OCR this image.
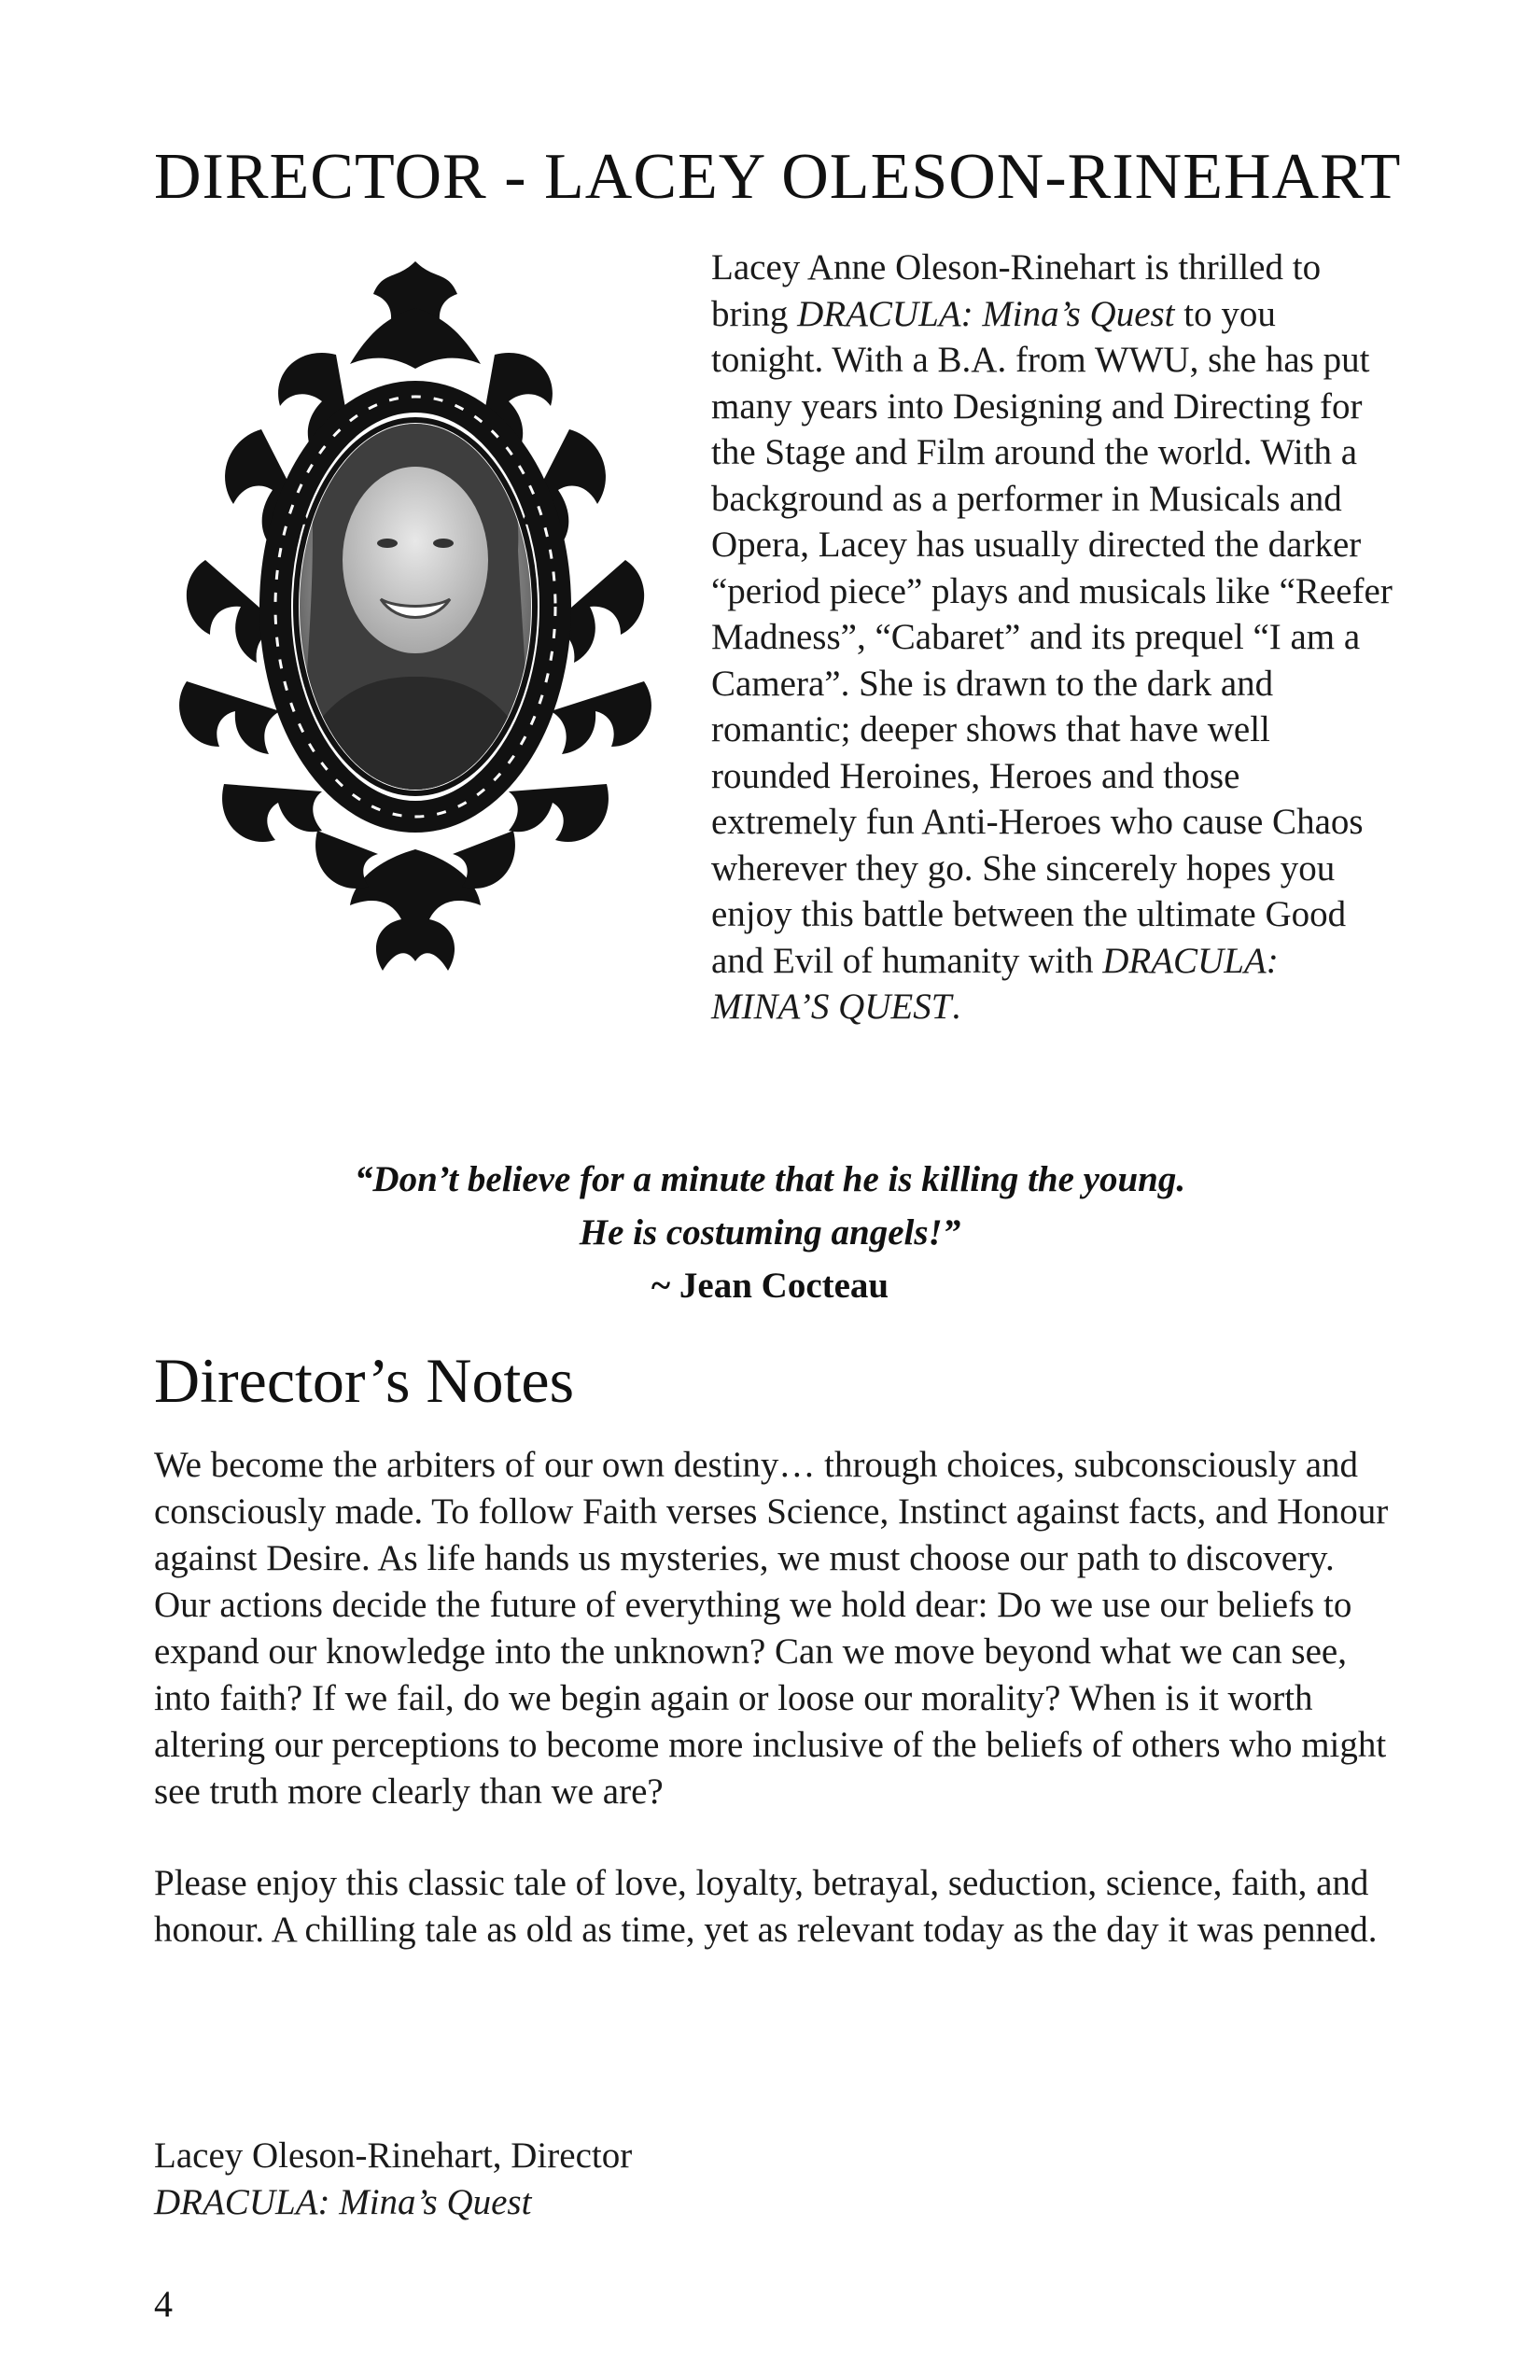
DIRECTOR - LACEY OLESON-RINEHART

Lacey Anne Oleson-Rinehart is thrilled to bring DRACULA: Mina’s Quest to you tonight. With a B.A. from WWU, she has put many years into Designing and Directing for the Stage and Film around the world. With a background as a performer in Musicals and Opera, Lacey has usually directed the darker “period piece” plays and musicals like “Reefer Madness”, “Cabaret” and its prequel “I am a Camera”. She is drawn to the dark and romantic; deeper shows that have well rounded Heroines, Heroes and those extremely fun Anti-Heroes who cause Chaos wherever they go. She sincerely hopes you enjoy this battle between the ultimate Good and Evil of humanity with DRACULA: MINA’S QUEST.

“Don’t believe for a minute that he is killing the young.
He is costuming angels!”
~ Jean Cocteau
Director’s Notes

We become the arbiters of our own destiny… through choices, subconsciously and consciously made. To follow Faith verses Science, Instinct against facts, and Honour against Desire. As life hands us mysteries, we must choose our path to discovery. Our actions decide the future of everything we hold dear: Do we use our beliefs to expand our knowledge into the unknown? Can we move beyond what we can see, into faith? If we fail, do we begin again or loose our morality? When is it worth altering our perceptions to become more inclusive of the beliefs of others who might see truth more clearly than we are?

Please enjoy this classic tale of love, loyalty, betrayal, seduction, science, faith, and honour. A chilling tale as old as time, yet as relevant today as the day it was penned.

Lacey Oleson-Rinehart, Director
DRACULA: Mina’s Quest
4
